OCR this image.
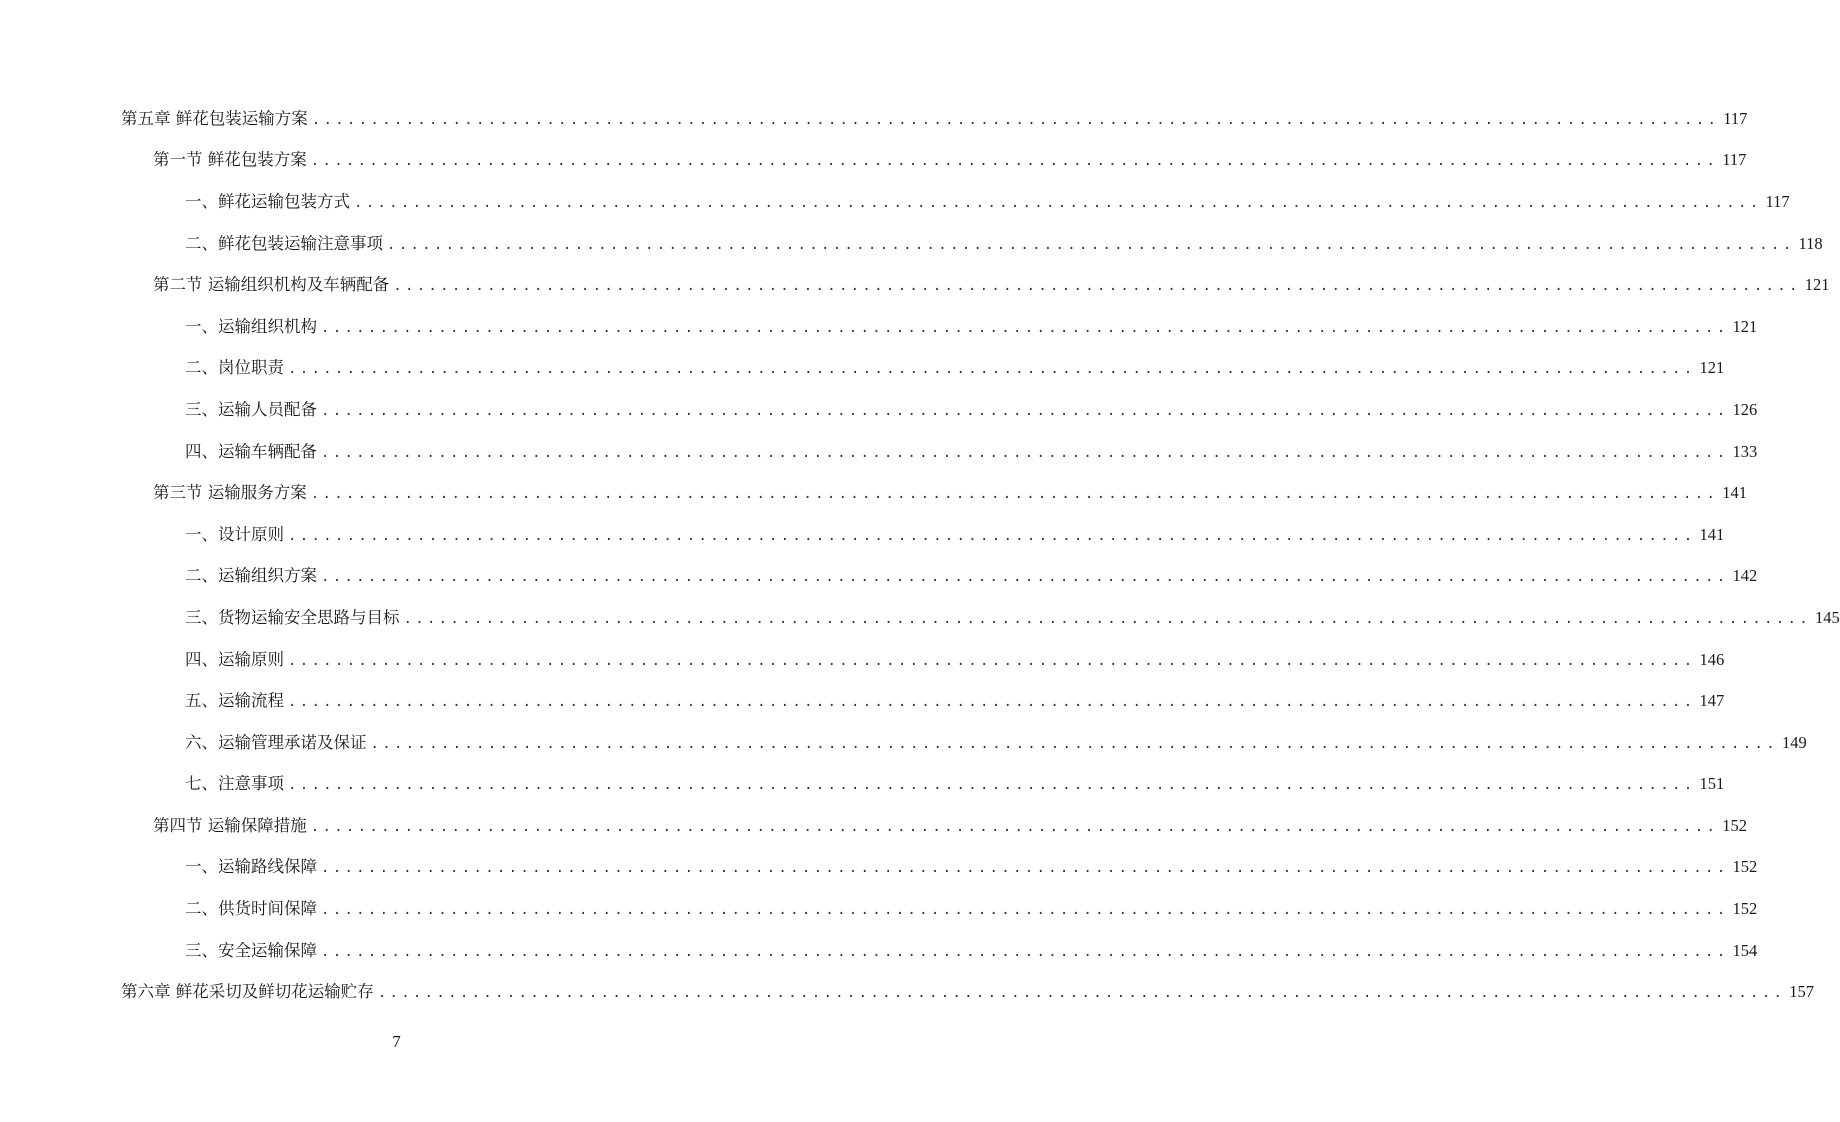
第五章 鲜花包装运输方案 ........................................................................................................................ 117
第一节 鲜花包装方案 ........................................................................................................................ 117
一、鲜花运输包装方式 ........................................................................................................................ 117
二、鲜花包装运输注意事项 ........................................................................................................................ 118
第二节 运输组织机构及车辆配备 ........................................................................................................................ 121
一、运输组织机构 ........................................................................................................................ 121
二、岗位职责 ........................................................................................................................ 121
三、运输人员配备 ........................................................................................................................ 126
四、运输车辆配备 ........................................................................................................................ 133
第三节 运输服务方案 ........................................................................................................................ 141
一、设计原则 ........................................................................................................................ 141
二、运输组织方案 ........................................................................................................................ 142
三、货物运输安全思路与目标 ........................................................................................................................ 145
四、运输原则 ........................................................................................................................ 146
五、运输流程 ........................................................................................................................ 147
六、运输管理承诺及保证 ........................................................................................................................ 149
七、注意事项 ........................................................................................................................ 151
第四节 运输保障措施 ........................................................................................................................ 152
一、运输路线保障 ........................................................................................................................ 152
二、供货时间保障 ........................................................................................................................ 152
三、安全运输保障 ........................................................................................................................ 154
第六章 鲜花采切及鲜切花运输贮存 ........................................................................................................................ 157
7
